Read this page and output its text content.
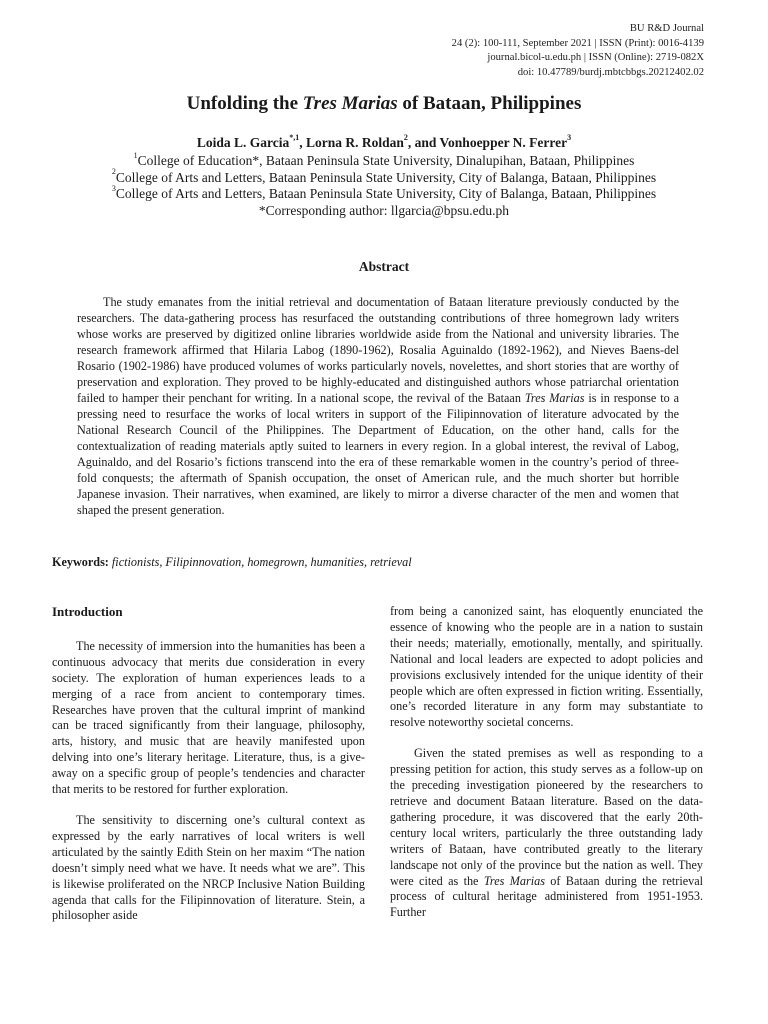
BU R&D Journal
24 (2): 100-111, September 2021 | ISSN (Print): 0016-4139
journal.bicol-u.edu.ph | ISSN (Online): 2719-082X
doi: 10.47789/burdj.mbtcbbgs.20212402.02
Unfolding the Tres Marias of Bataan, Philippines
Loida L. Garcia$^{*,1}$, Lorna R. Roldan$^2$, and Vonhoepper N. Ferrer$^3$
$^1$College of Education*, Bataan Peninsula State University, Dinalupihan, Bataan, Philippines
$^2$College of Arts and Letters, Bataan Peninsula State University, City of Balanga, Bataan, Philippines
$^3$College of Arts and Letters, Bataan Peninsula State University, City of Balanga, Bataan, Philippines
*Corresponding author: llgarcia@bpsu.edu.ph
Abstract

The study emanates from the initial retrieval and documentation of Bataan literature previously conducted by the researchers. The data-gathering process has resurfaced the outstanding contributions of three homegrown lady writers whose works are preserved by digitized online libraries worldwide aside from the National and university libraries. The research framework affirmed that Hilaria Labog (1890-1962), Rosalia Aguinaldo (1892-1962), and Nieves Baens-del Rosario (1902-1986) have produced volumes of works particularly novels, novelettes, and short stories that are worthy of preservation and exploration. They proved to be highly-educated and distinguished authors whose patriarchal orientation failed to hamper their penchant for writing. In a national scope, the revival of the Bataan Tres Marias is in response to a pressing need to resurface the works of local writers in support of the Filipinnovation of literature advocated by the National Research Council of the Philippines. The Department of Education, on the other hand, calls for the contextualization of reading materials aptly suited to learners in every region. In a global interest, the revival of Labog, Aguinaldo, and del Rosario’s fictions transcend into the era of these remarkable women in the country’s period of three-fold conquests; the aftermath of Spanish occupation, the onset of American rule, and the much shorter but horrible Japanese invasion. Their narratives, when examined, are likely to mirror a diverse character of the men and women that shaped the present generation.

Keywords: fictionists, Filipinnovation, homegrown, humanities, retrieval
Introduction

The necessity of immersion into the humanities has been a continuous advocacy that merits due consideration in every society. The exploration of human experiences leads to a merging of a race from ancient to contemporary times. Researches have proven that the cultural imprint of mankind can be traced significantly from their language, philosophy, arts, history, and music that are heavily manifested upon delving into one’s literary heritage. Literature, thus, is a give-away on a specific group of people’s tendencies and character that merits to be restored for further exploration.

The sensitivity to discerning one’s cultural context as expressed by the early narratives of local writers is well articulated by the saintly Edith Stein on her maxim “The nation doesn’t simply need what we have. It needs what we are”. This is likewise proliferated on the NRCP Inclusive Nation Building agenda that calls for the Filipinnovation of literature. Stein, a philosopher aside

from being a canonized saint, has eloquently enunciated the essence of knowing who the people are in a nation to sustain their needs; materially, emotionally, mentally, and spiritually. National and local leaders are expected to adopt policies and provisions exclusively intended for the unique identity of their people which are often expressed in fiction writing. Essentially, one’s recorded literature in any form may substantiate to resolve noteworthy societal concerns.

Given the stated premises as well as responding to a pressing petition for action, this study serves as a follow-up on the preceding investigation pioneered by the researchers to retrieve and document Bataan literature. Based on the data-gathering procedure, it was discovered that the early 20th-century local writers, particularly the three outstanding lady writers of Bataan, have contributed greatly to the literary landscape not only of the province but the nation as well. They were cited as the Tres Marias of Bataan during the retrieval process of cultural heritage administered from 1951-1953. Further
